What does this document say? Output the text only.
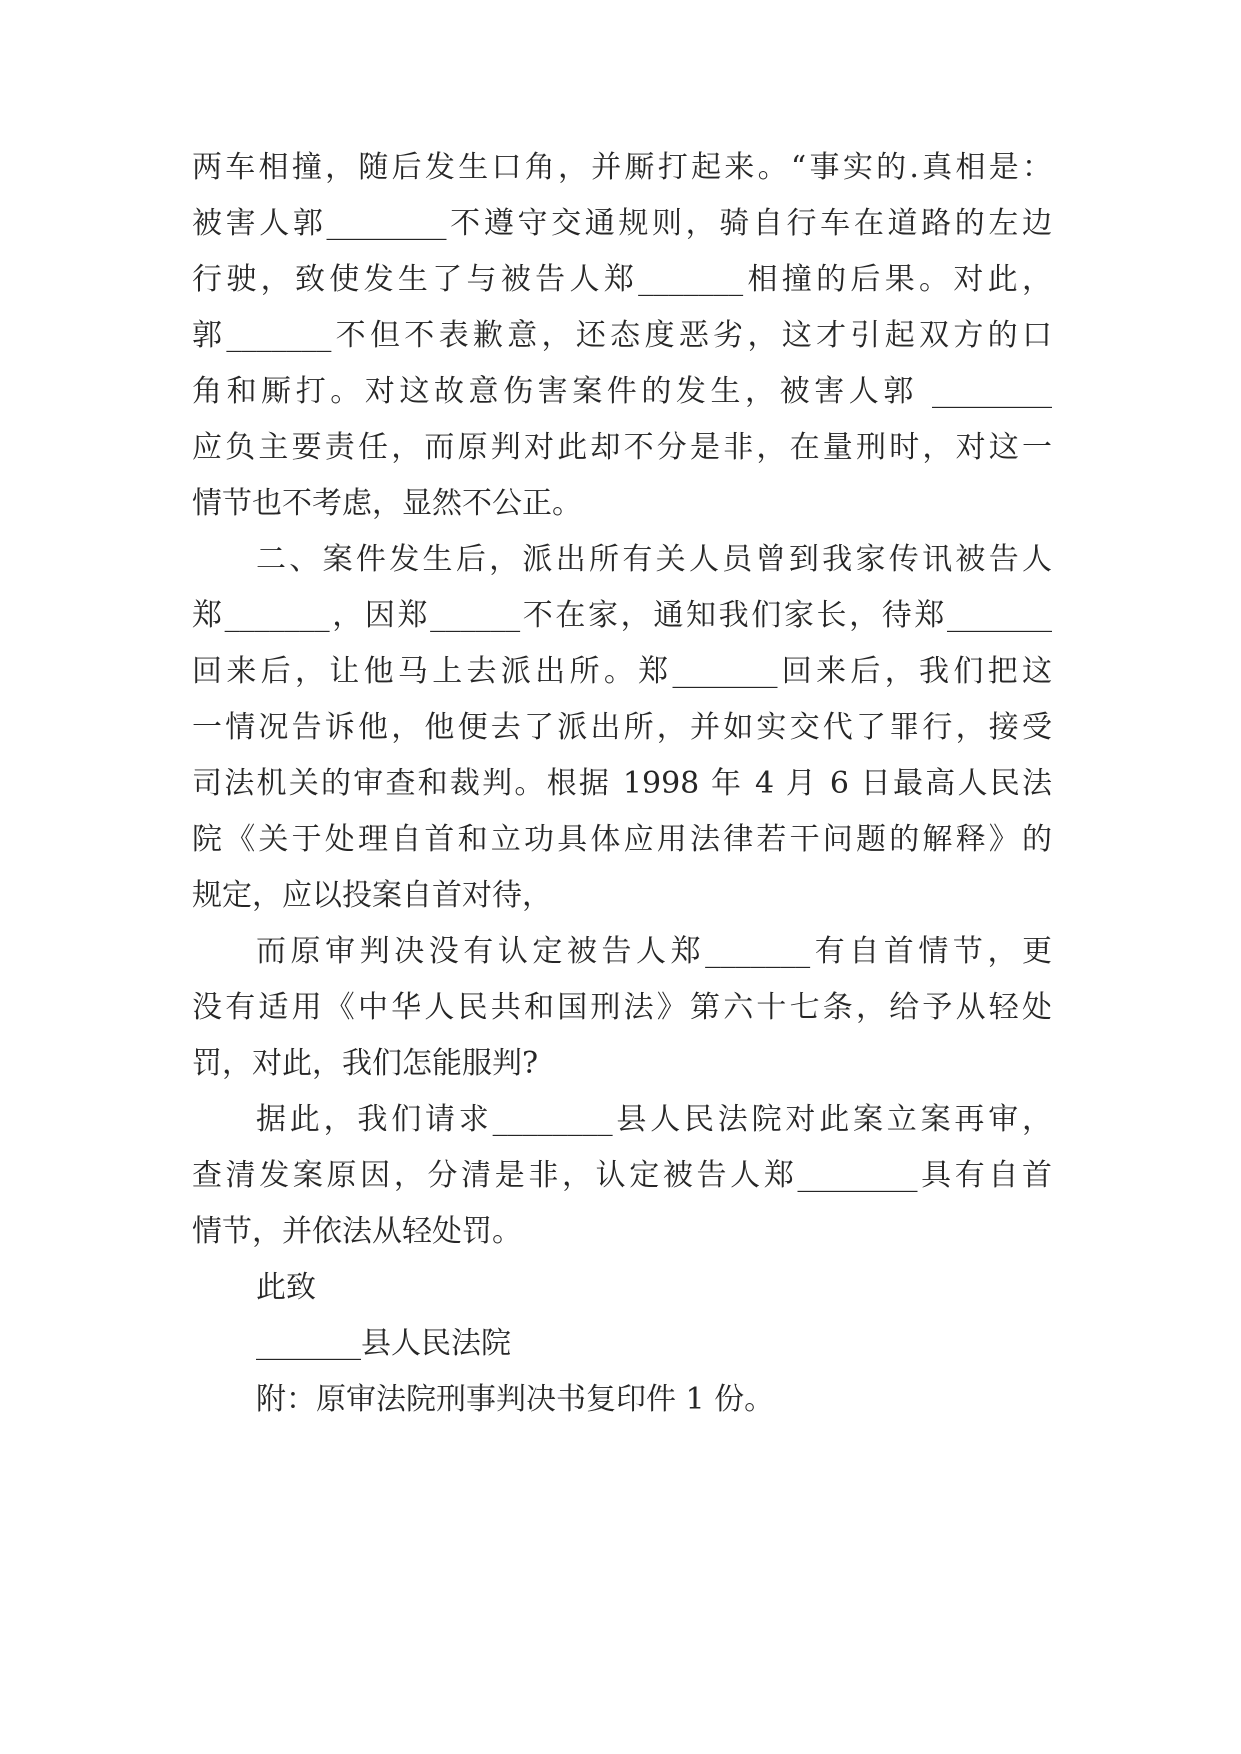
两车相撞，随后发生口角，并厮打起来。“事实的.真相是：
被害人郭________不遵守交通规则，骑自行车在道路的左边
行驶，致使发生了与被告人郑_______相撞的后果。对此，
郭_______不但不表歉意，还态度恶劣，这才引起双方的口
角和厮打。对这故意伤害案件的发生，被害人郭 ________
应负主要责任，而原判对此却不分是非，在量刑时，对这一
情节也不考虑，显然不公正。
二、案件发生后，派出所有关人员曾到我家传讯被告人
郑_______，因郑______不在家，通知我们家长，待郑_______
回来后，让他马上去派出所。郑_______回来后，我们把这
一情况告诉他，他便去了派出所，并如实交代了罪行，接受
司法机关的审查和裁判。根据 1998 年 4 月 6 日最高人民法
院《关于处理自首和立功具体应用法律若干问题的解释》的
规定，应以投案自首对待，
而原审判决没有认定被告人郑_______有自首情节，更
没有适用《中华人民共和国刑法》第六十七条，给予从轻处
罚，对此，我们怎能服判?
据此，我们请求________县人民法院对此案立案再审，
查清发案原因，分清是非，认定被告人郑________具有自首
情节，并依法从轻处罚。
此致
_______县人民法院
附：原审法院刑事判决书复印件 1 份。
